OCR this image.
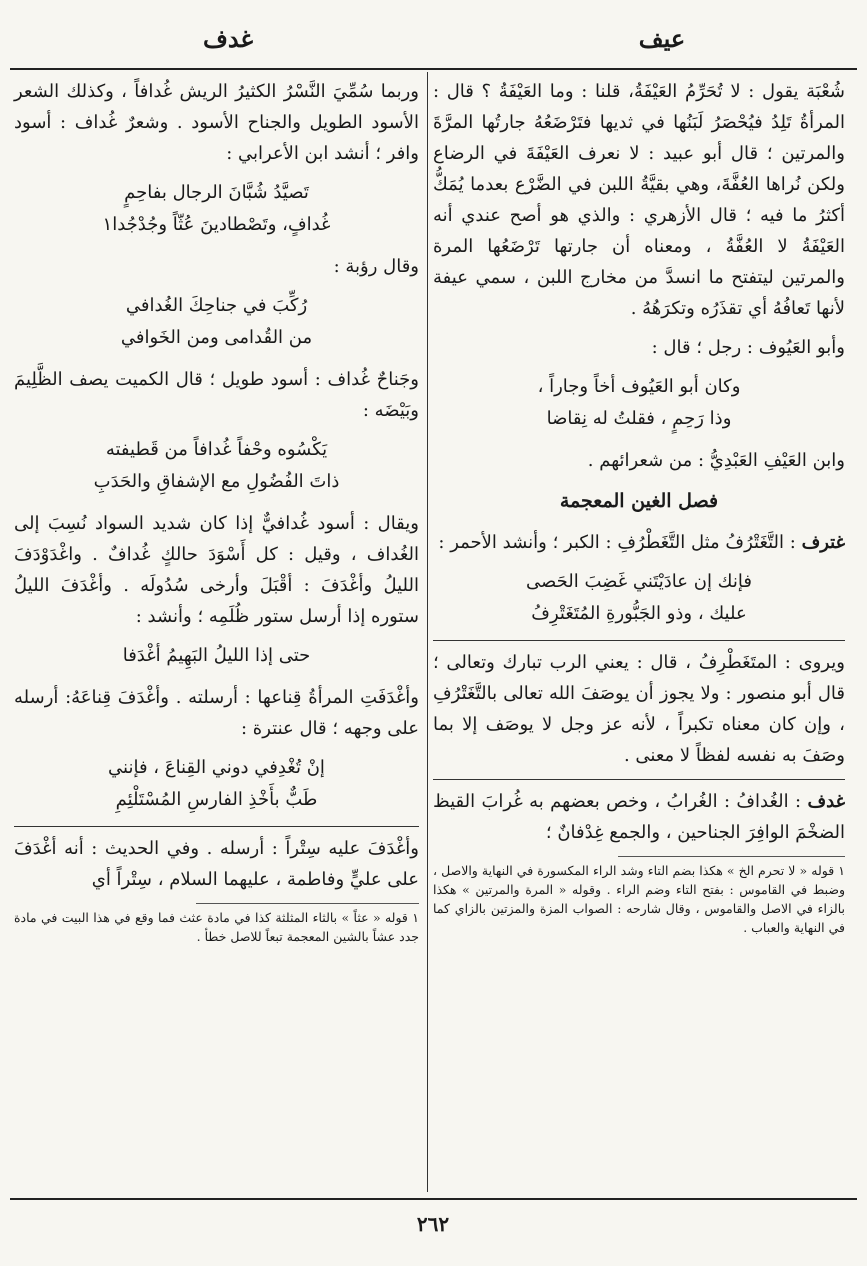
عيف
غدف

شُعْبَة يقول : لا تُحَرِّمُ العَيْفَةُ، قلنا : وما العَيْفَةُ ؟ قال : المرأةُ تَلِدُ فيُحْصَرُ لَبَنُها في ثديها فتَرْضَعُهُ جارتُها المرَّةَ والمرتين ؛ قال أبو عبيد : لا نعرف العَيْفَةَ في الرضاع ولكن نُراها العُفَّةَ، وهي بقيَّةُ اللبن في الضَّرْع بعدما يُمَكُّ أكثرُ ما فيه ؛ قال الأزهري : والذي هو أصح عندي أنه العَيْفَةُ لا العُفَّةُ ، ومعناه أن جارتها تَرْضَعُها المرة والمرتين ليتفتح ما انسدَّ من مخارج اللبن ، سمي عيفة لأنها تَعافُهُ أي تقذَرُه وتكرَهُهُ .

وأبو العَيُوف : رجل ؛ قال :

وكان أبو العَيُوف أخاً وجاراً ،
وذا رَحِمٍ ، فقلتُ له نِقاضا

وابن العَيْفِ العَبْدِيُّ : من شعرائهم .

فصل الغين المعجمة

غترف : التَّغَتْرُفُ مثل التَّغَطْرُفِ : الكبر ؛ وأنشد الأحمر :

فإنك إن عادَيْتَني غَضِبَ الحَصى
عليك ، وذو الجَبُّورةِ المُتَغَتْرِفُ

ويروى : المتَغَطْرِفُ ، قال : يعني الرب تبارك وتعالى ؛ قال أبو منصور : ولا يجوز أن يوصَفَ الله تعالى بالتَّغَتْرُفِ ، وإن كان معناه تكبراً ، لأنه عز وجل لا يوصَف إلا بما وصَفَ به نفسه لفظاً لا معنى .

غدف : الغُدافُ : الغُرابُ ، وخص بعضهم به غُرابَ القيظ الضخْمَ الوافِرَ الجناحين ، والجمع غِدْفانٌ ؛

١ قوله « لا تحرم الخ » هكذا بضم التاء وشد الراء المكسورة في النهاية والاصل ، وضبط في القاموس : بفتح التاء وضم الراء . وقوله « المرة والمرتين » هكذا بالزاء في الاصل والقاموس ، وقال شارحه : الصواب المزة والمزتين بالزاي كما في النهاية والعباب .

وربما سُمِّيَ النَّسْرُ الكثيرُ الريش غُدافاً ، وكذلك الشعر الأسود الطويل والجناح الأسود . وشعرٌ غُداف : أسود وافر ؛ أنشد ابن الأعرابي :

تَصيَّدُ شُبَّانَ الرجال بفاحِمٍ
غُدافٍ، وتَصْطادينَ عُثّاً وجُدْجُدا١

وقال رؤبة :

رُكِّبَ في جناحِكَ الغُدافي
من القُدامى ومن الخَوافي

وجَناحٌ غُداف : أسود طويل ؛ قال الكميت يصف الظَّلِيمَ وبَيْضَه :

يَكْسُوه وحْفاً غُدافاً من قَطيفته
ذاتَ الفُضُولِ مع الإشفاقِ والحَدَبِ

ويقال : أسود غُدافيٌّ إذا كان شديد السواد نُسِبَ إلى الغُداف ، وقيل : كل أَسْوَدَ حالكٍ غُدافٌ . واغْدَوْدَفَ الليلُ وأغْدَفَ : أقْبَلَ وأرخى سُدُولَه . وأغْدَفَ الليلُ ستوره إذا أرسل ستور ظُلَمِه ؛ وأنشد :

حتى إذا الليلُ البَهِيمُ أغْدَفا

وأغْدَفَتِ المرأةُ قِناعها : أرسلته . وأغْدَفَ قِناعَهُ: أرسله على وجهه ؛ قال عنترة :

إنْ تُغْدِفي دوني القِناعَ ، فإنني
طَبٌّ بأَخْذِ الفارسِ المُسْتَلْئِمِ

وأغْدَفَ عليه سِتْراً : أرسله . وفي الحديث : أنه أغْدَفَ على عليٍّ وفاطمة ، عليهما السلام ، سِتْراً أي

١ قوله « عثاً » بالثاء المثلثة كذا في مادة عثث فما وقع في هذا البيت في مادة جدد عشاً بالشين المعجمة تبعاً للاصل خطأ .
٢٦٢
